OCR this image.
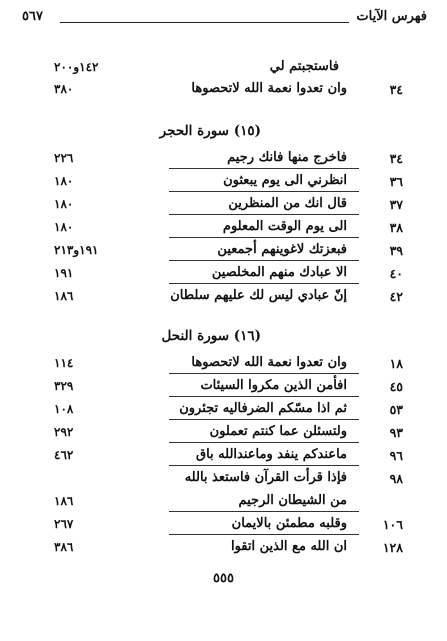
فهرس الآيات
٥٦٧
فاستجبتم لي
١٤٢و٢٠٠
٣٤
وان تعدوا نعمة الله لاتحصوها
٣٨٠
(١٥) سورة الحجر
٣٤
فاخرج منها فانك رجيم
٢٢٦
٣٦
انظرني الى يوم يبعثون
١٨٠
٣٧
قال انك من المنظرين
١٨٠
٣٨
الى يوم الوقت المعلوم
١٨٠
٣٩
فبعزتك لاغوينهم أجمعين
١٩١و٢١٣
٤٠
الا عبادك منهم المخلصين
١٩١
٤٢
إنّ عبادي ليس لك عليهم سلطان
١٨٦
(١٦) سورة النحل
١٨
وان تعدوا نعمة الله لاتحصوها
١١٤
٤٥
افأمن الذين مكروا السيئات
٣٢٩
٥٣
ثم اذا مسّكم الضرفاليه تجئرون
١٠٨
٩٣
ولتسئلن عما كنتم تعملون
٢٩٢
٩٦
ماعندكم ينفد وماعندالله باق
٤٦٢
٩٨
فإذا قرأت القرآن فاستعذ بالله
من الشيطان الرجيم
١٨٦
١٠٦
وقلبه مطمئن بالايمان
٢٦٧
١٢٨
ان الله مع الذين اتقوا
٣٨٦
٥٥٥
